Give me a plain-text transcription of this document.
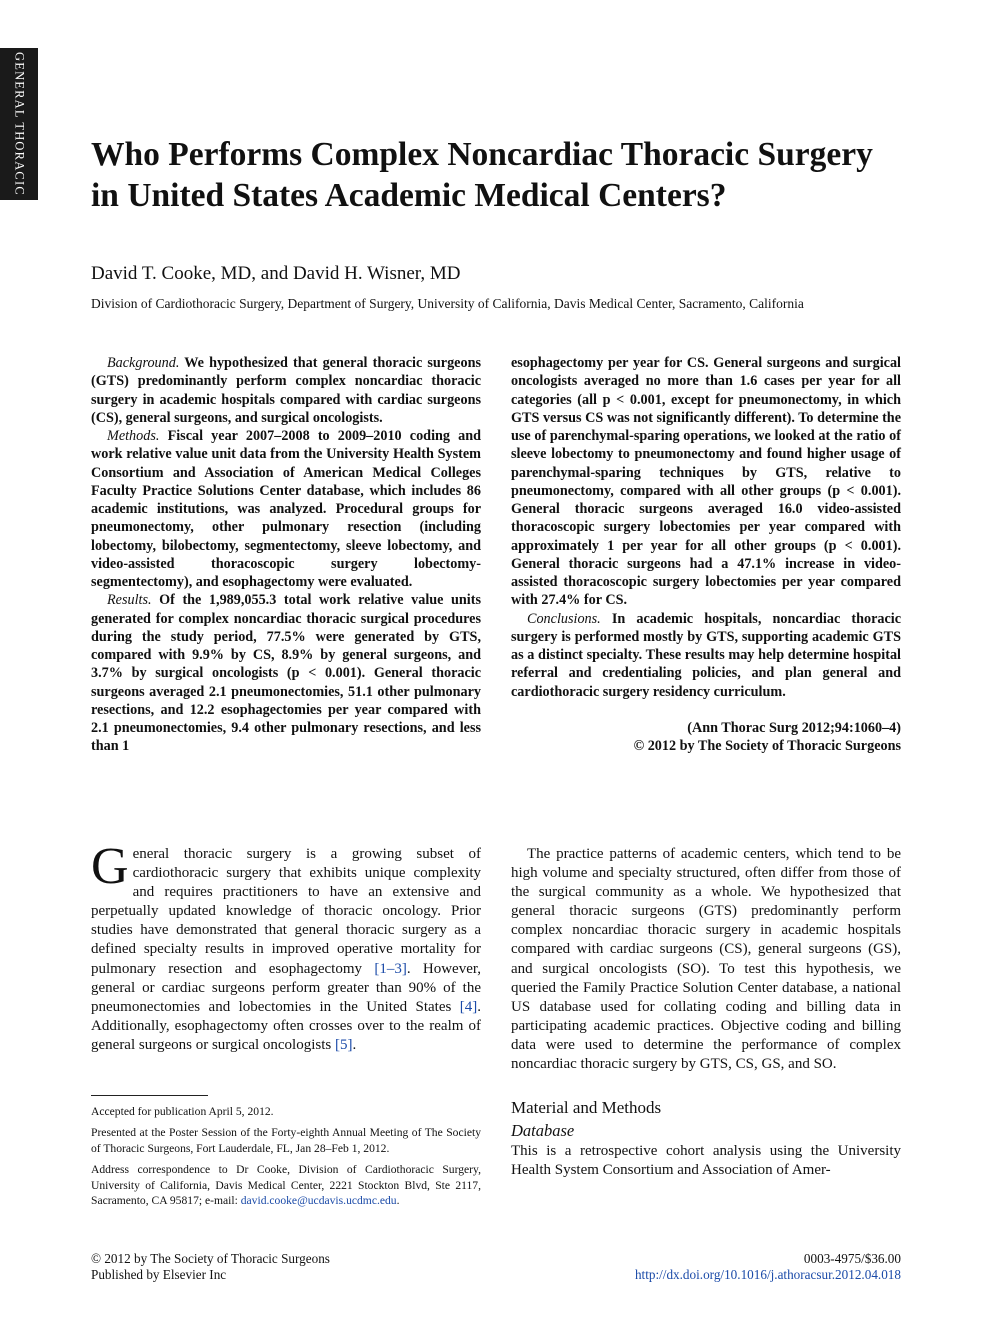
GENERAL THORACIC	Who Performs Complex Noncardiac Thoracic Surgery in United States Academic Medical Centers?
David T. Cooke, MD, and David H. Wisner, MD
Division of Cardiothoracic Surgery, Department of Surgery, University of California, Davis Medical Center, Sacramento, California

Background. We hypothesized that general thoracic surgeons (GTS) predominantly perform complex noncardiac thoracic surgery in academic hospitals compared with cardiac surgeons (CS), general surgeons, and surgical oncologists.

Methods. Fiscal year 2007–2008 to 2009–2010 coding and work relative value unit data from the University Health System Consortium and Association of American Medical Colleges Faculty Practice Solutions Center database, which includes 86 academic institutions, was analyzed. Procedural groups for pneumonectomy, other pulmonary resection (including lobectomy, bilobectomy, segmentectomy, sleeve lobectomy, and video-assisted thoracoscopic surgery lobectomy-segmentectomy), and esophagectomy were evaluated.

Results. Of the 1,989,055.3 total work relative value units generated for complex noncardiac thoracic surgical procedures during the study period, 77.5% were generated by GTS, compared with 9.9% by CS, 8.9% by general surgeons, and 3.7% by surgical oncologists (p < 0.001). General thoracic surgeons averaged 2.1 pneumonectomies, 51.1 other pulmonary resections, and 12.2 esophagectomies per year compared with 2.1 pneumonectomies, 9.4 other pulmonary resections, and less than 1

esophagectomy per year for CS. General surgeons and surgical oncologists averaged no more than 1.6 cases per year for all categories (all p < 0.001, except for pneumonectomy, in which GTS versus CS was not significantly different). To determine the use of parenchymal-sparing operations, we looked at the ratio of sleeve lobectomy to pneumonectomy and found higher usage of parenchymal-sparing techniques by GTS, relative to pneumonectomy, compared with all other groups (p < 0.001). General thoracic surgeons averaged 16.0 video-assisted thoracoscopic surgery lobectomies per year compared with approximately 1 per year for all other groups (p < 0.001). General thoracic surgeons had a 47.1% increase in video-assisted thoracoscopic surgery lobectomies per year compared with 27.4% for CS.

Conclusions. In academic hospitals, noncardiac thoracic surgery is performed mostly by GTS, supporting academic GTS as a distinct specialty. These results may help determine hospital referral and credentialing policies, and plan general and cardiothoracic surgery residency curriculum.

(Ann Thorac Surg 2012;94:1060–4)
© 2012 by The Society of Thoracic Surgeons

General thoracic surgery is a growing subset of cardiothoracic surgery that exhibits unique complexity and requires practitioners to have an extensive and perpetually updated knowledge of thoracic oncology. Prior studies have demonstrated that general thoracic surgery as a defined specialty results in improved operative mortality for pulmonary resection and esophagectomy [1–3]. However, general or cardiac surgeons perform greater than 90% of the pneumonectomies and lobectomies in the United States [4]. Additionally, esophagectomy often crosses over to the realm of general surgeons or surgical oncologists [5].

The practice patterns of academic centers, which tend to be high volume and specialty structured, often differ from those of the surgical community as a whole. We hypothesized that general thoracic surgeons (GTS) predominantly perform complex noncardiac thoracic surgery in academic hospitals compared with cardiac surgeons (CS), general surgeons (GS), and surgical oncologists (SO). To test this hypothesis, we queried the Family Practice Solution Center database, a national US database used for collating coding and billing data in participating academic practices. Objective coding and billing data were used to determine the performance of complex noncardiac thoracic surgery by GTS, CS, GS, and SO.

Material and Methods
Database

This is a retrospective cohort analysis using the University Health System Consortium and Association of Amer-

Accepted for publication April 5, 2012.

Presented at the Poster Session of the Forty-eighth Annual Meeting of The Society of Thoracic Surgeons, Fort Lauderdale, FL, Jan 28–Feb 1, 2012.

Address correspondence to Dr Cooke, Division of Cardiothoracic Surgery, University of California, Davis Medical Center, 2221 Stockton Blvd, Ste 2117, Sacramento, CA 95817; e-mail: david.cooke@ucdavis.ucdmc.edu.

© 2012 by The Society of Thoracic Surgeons
Published by Elsevier Inc
0003-4975/$36.00
http://dx.doi.org/10.1016/j.athoracsur.2012.04.018
